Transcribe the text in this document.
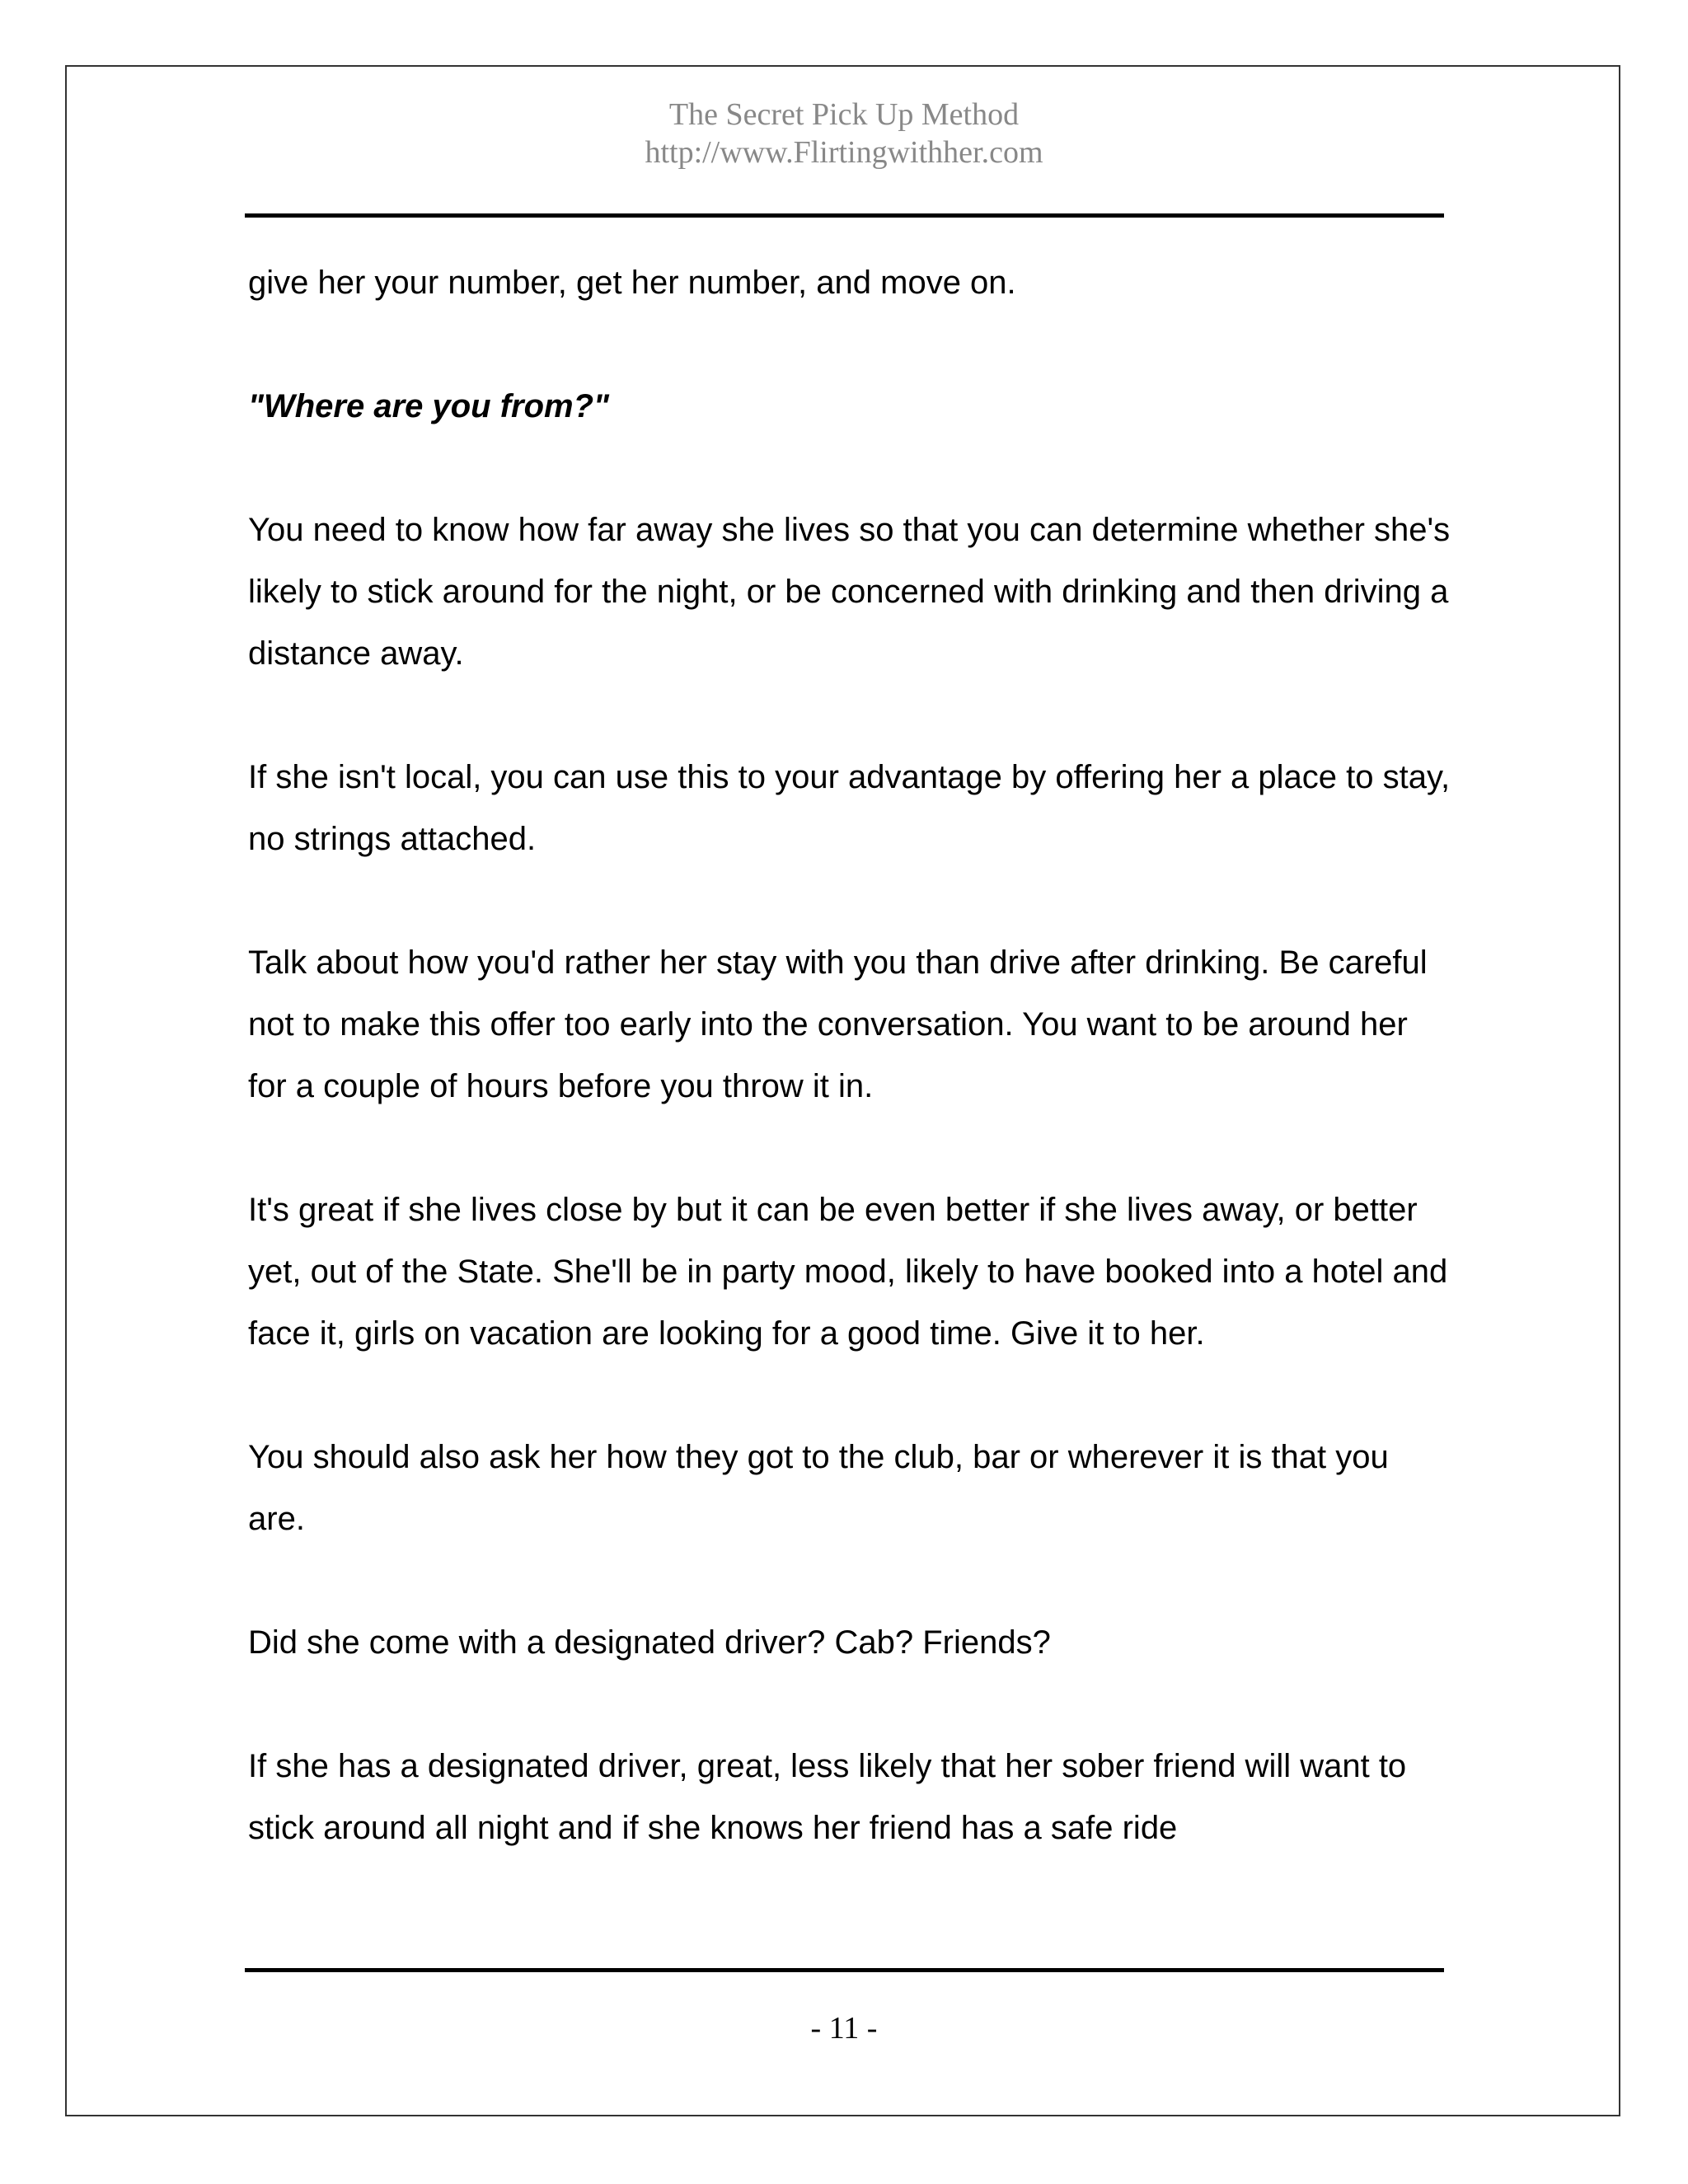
The Secret Pick Up Method
http://www.Flirtingwithher.com

give her your number, get her number, and move on.

"Where are you from?"

You need to know how far away she lives so that you can determine whether she's likely to stick around for the night, or be concerned with drinking and then driving a distance away.

If she isn't local, you can use this to your advantage by offering her a place to stay, no strings attached.

Talk about how you'd rather her stay with you than drive after drinking. Be careful not to make this offer too early into the conversation. You want to be around her for a couple of hours before you throw it in.

It's great if she lives close by but it can be even better if she lives away, or better yet, out of the State. She'll be in party mood, likely to have booked into a hotel and face it, girls on vacation are looking for a good time. Give it to her.

You should also ask her how they got to the club, bar or wherever it is that you are.

Did she come with a designated driver? Cab? Friends?

If she has a designated driver, great, less likely that her sober friend will want to stick around all night and if she knows her friend has a safe ride

- 11 -
